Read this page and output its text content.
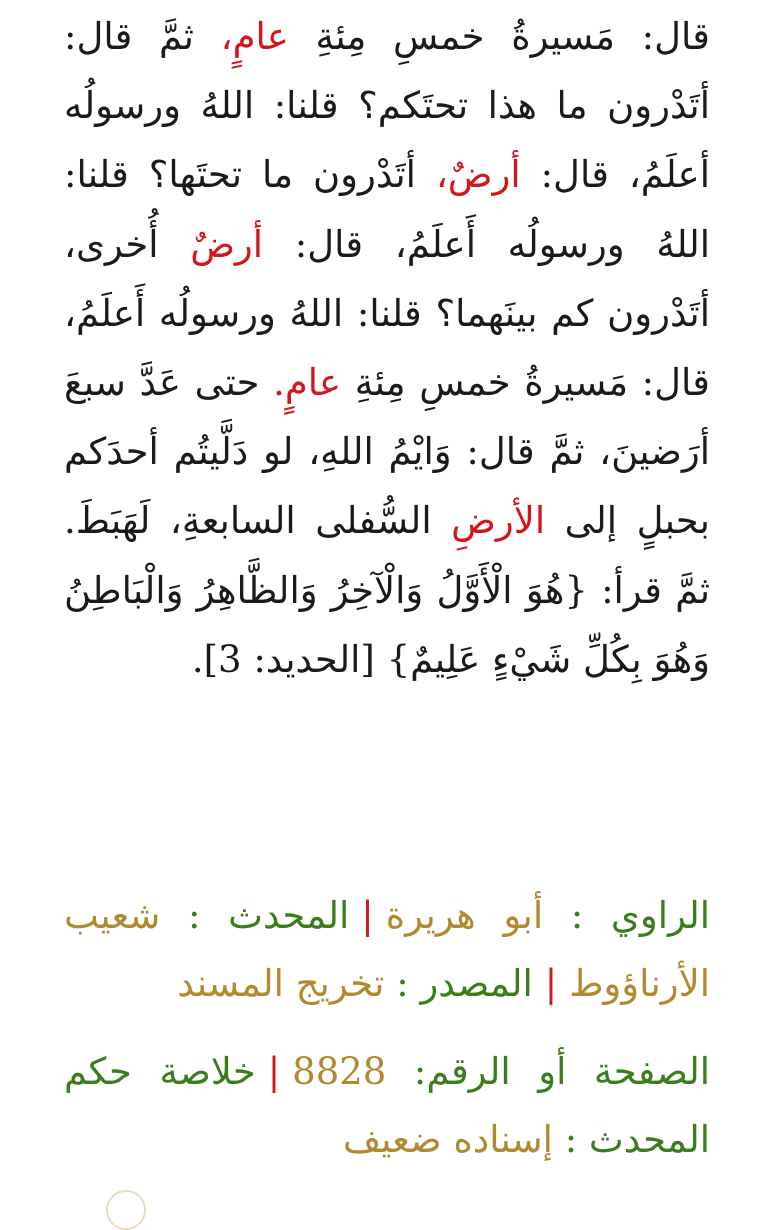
قال: مَسيرةُ خمسِ مِئةِ عامٍ، ثمَّ قال: أتَدْرون ما هذا تحتَكم؟ قلنا: اللهُ ورسولُه أعلَمُ، قال: أرضٌ، أتَدْرون ما تحتَها؟ قلنا: اللهُ ورسولُه أَعلَمُ، قال: أرضٌ أُخرى، أتَدْرون كم بينَهما؟ قلنا: اللهُ ورسولُه أَعلَمُ، قال: مَسيرةُ خمسِ مِئةِ عامٍ. حتى عَدَّ سبعَ أرَضينَ، ثمَّ قال: وَايْمُ اللهِ، لو دَلَّيتُم أحدَكم بحبلٍ إلى الأرضِ السُّفلى السابعةِ، لَهَبَطَ. ثمَّ قرأ: {هُوَ الْأَوَّلُ وَالْآخِرُ وَالظَّاهِرُ وَالْبَاطِنُ وَهُوَ بِكُلِّ شَيْءٍ عَلِيمٌ} [الحديد: 3].

الراوي : أبو هريرة|المحدث : شعيب الأرناؤوط|المصدر : تخريج المسند

الصفحة أو الرقم: 8828|خلاصة حكم المحدث : إسناده ضعيف
